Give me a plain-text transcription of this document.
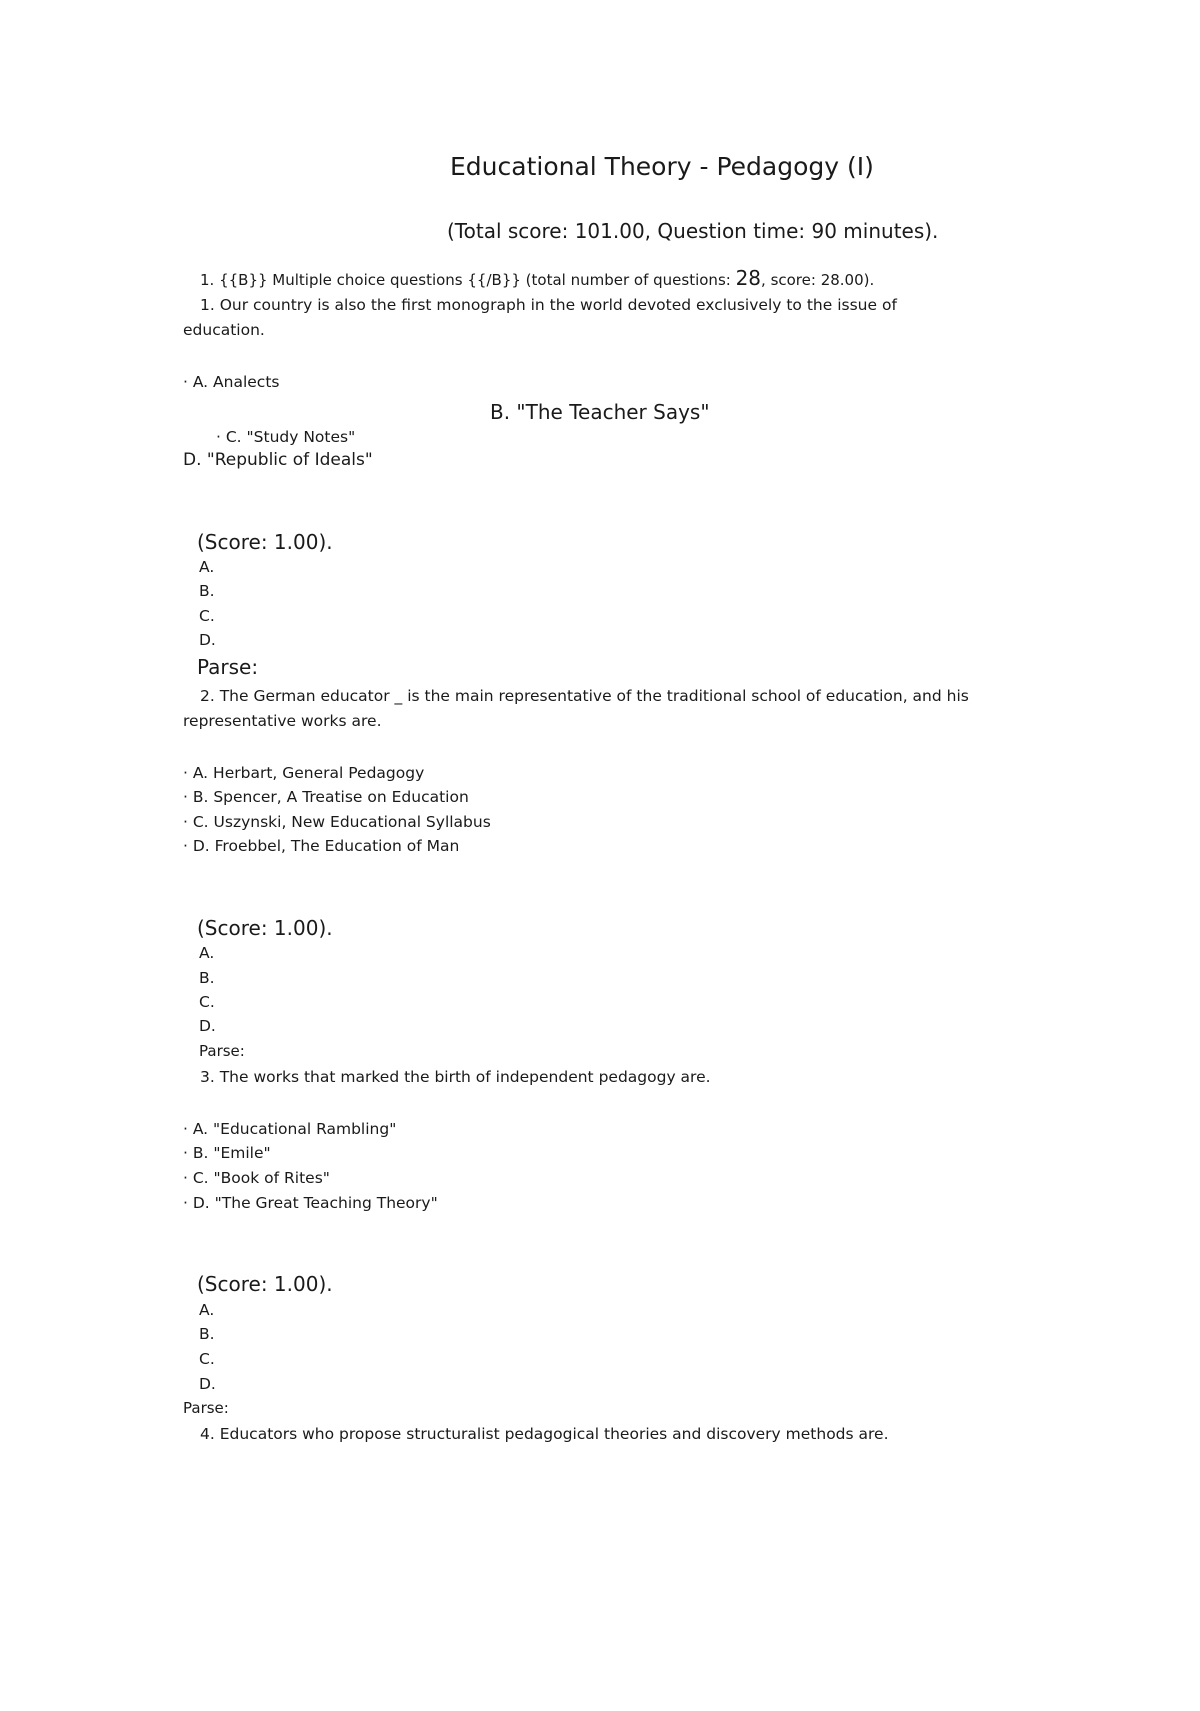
Educational Theory - Pedagogy (I)
(Total score: 101.00, Question time: 90 minutes).
1. {{B}} Multiple choice questions {{/B}} (total number of questions: 28, score: 28.00).
1. Our country is also the first monograph in the world devoted exclusively to the issue of education.
· A. Analects
B. "The Teacher Says"
· C. "Study Notes"
D. "Republic of Ideals"
(Score: 1.00).
A.
B.
C.
D.
Parse:
2. The German educator _ is the main representative of the traditional school of education, and his representative works are.
· A. Herbart, General Pedagogy
· B. Spencer, A Treatise on Education
· C. Uszynski, New Educational Syllabus
· D. Froebbel, The Education of Man
(Score: 1.00).
A.
B.
C.
D.
Parse:
3. The works that marked the birth of independent pedagogy are.
· A. "Educational Rambling"
· B. "Emile"
· C. "Book of Rites"
· D. "The Great Teaching Theory"
(Score: 1.00).
A.
B.
C.
D.
Parse:
4. Educators who propose structuralist pedagogical theories and discovery methods are.
